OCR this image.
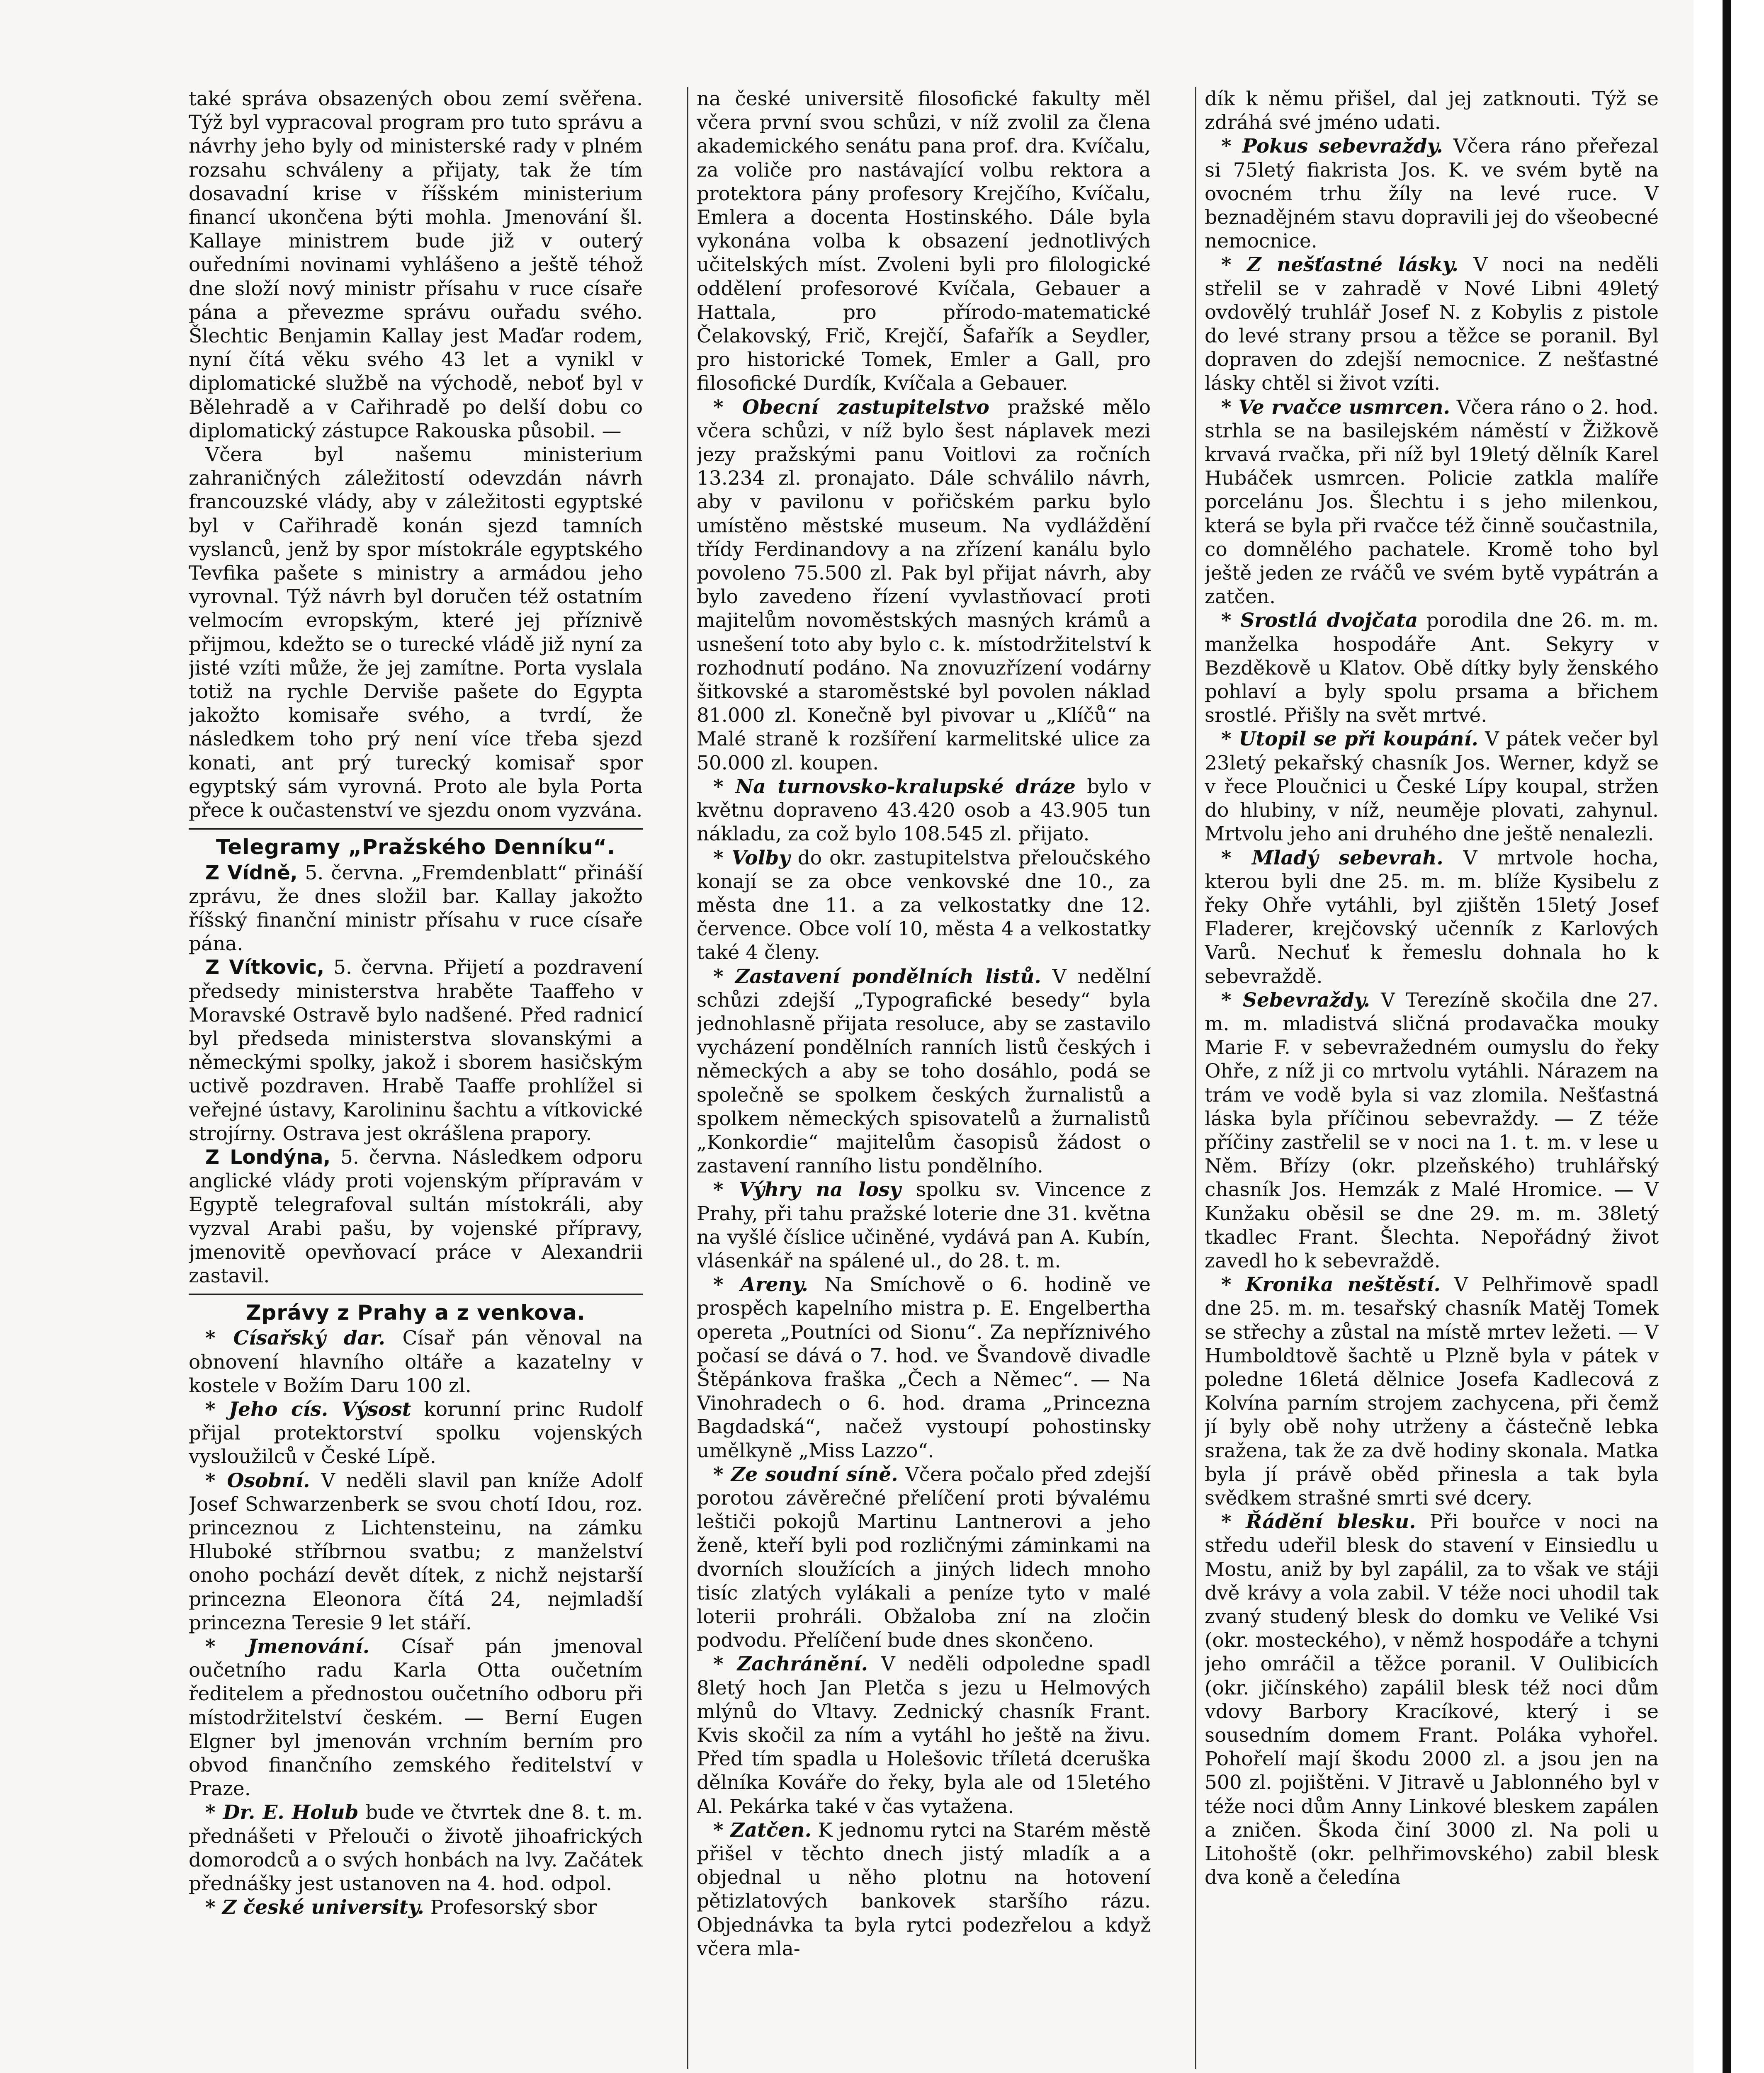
také správa obsazených obou zemí svěřena. Týž byl vypracoval program pro tuto správu a návrhy jeho byly od ministerské rady v plném rozsahu schváleny a přijaty, tak že tím dosavadní krise v říšském ministerium financí ukončena býti mohla. Jmenování šl. Kallaye ministrem bude již v outerý ouředními novinami vyhlášeno a ještě téhož dne složí nový ministr přísahu v ruce císaře pána a převezme správu ouřadu svého. Šlechtic Benjamin Kallay jest Maďar rodem, nyní čítá věku svého 43 let a vynikl v diplomatické službě na východě, neboť byl v Bělehradě a v Cařihradě po delší dobu co diplomatický zástupce Rakouska působil. —

Včera byl našemu ministerium zahraničných záležitostí odevzdán návrh francouzské vlády, aby v záležitosti egyptské byl v Cařihradě konán sjezd tamních vyslanců, jenž by spor místokrále egyptského Tevfika pašete s ministry a armádou jeho vyrovnal. Týž návrh byl doručen též ostatním velmocím evropským, které jej příznivě přijmou, kdežto se o turecké vládě již nyní za jisté vzíti může, že jej zamítne. Porta vyslala totiž na rychle Derviše pašete do Egypta jakožto komisaře svého, a tvrdí, že následkem toho prý není více třeba sjezd konati, ant prý turecký komisař spor egyptský sám vyrovná. Proto ale byla Porta přece k oučastenství ve sjezdu onom vyzvána.

Telegramy „Pražského Denníku“.

Z Vídně, 5. června. „Fremdenblatt“ přináší zprávu, že dnes složil bar. Kallay jakožto říšský finanční ministr přísahu v ruce císaře pána.

Z Vítkovic, 5. června. Přijetí a pozdravení předsedy ministerstva hraběte Taaffeho v Moravské Ostravě bylo nadšené. Před radnicí byl předseda ministerstva slovanskými a německými spolky, jakož i sborem hasičským uctivě pozdraven. Hrabě Taaffe prohlížel si veřejné ústavy, Karolininu šachtu a vítkovické strojírny. Ostrava jest okrášlena prapory.

Z Londýna, 5. června. Následkem odporu anglické vlády proti vojenským přípravám v Egyptě telegrafoval sultán místokráli, aby vyzval Arabi pašu, by vojenské přípravy, jmenovitě opevňovací práce v Alexandrii zastavil.

Zprávy z Prahy a z venkova.

* Císařský dar. Císař pán věnoval na obnovení hlavního oltáře a kazatelny v kostele v Božím Daru 100 zl.

* Jeho cís. Výsost korunní princ Rudolf přijal protektorství spolku vojenských vysloužilců v České Lípě.

* Osobní. V neděli slavil pan kníže Adolf Josef Schwarzenberk se svou chotí Idou, roz. princeznou z Lichtensteinu, na zámku Hluboké stříbrnou svatbu; z manželství onoho pochází devět dítek, z nichž nejstarší princezna Eleonora čítá 24, nejmladší princezna Teresie 9 let stáří.

* Jmenování. Císař pán jmenoval oučetního radu Karla Otta oučetním ředitelem a přednostou oučetního odboru při místodržitelství českém. — Berní Eugen Elgner byl jmenován vrchním berním pro obvod finančního zemského ředitelství v Praze.

* Dr. E. Holub bude ve čtvrtek dne 8. t. m. přednášeti v Přelouči o životě jihoafrických domorodců a o svých honbách na lvy. Začátek přednášky jest ustanoven na 4. hod. odpol.

* Z české university. Profesorský sbor

na české universitě filosofické fakulty měl včera první svou schůzi, v níž zvolil za člena akademického senátu pana prof. dra. Kvíčalu, za voliče pro nastávající volbu rektora a protektora pány profesory Krejčího, Kvíčalu, Emlera a docenta Hostinského. Dále byla vykonána volba k obsazení jednotlivých učitelských míst. Zvoleni byli pro filologické oddělení profesorové Kvíčala, Gebauer a Hattala, pro přírodo-matematické Čelakovský, Frič, Krejčí, Šafařík a Seydler, pro historické Tomek, Emler a Gall, pro filosofické Durdík, Kvíčala a Gebauer.

* Obecní zastupitelstvo pražské mělo včera schůzi, v níž bylo šest náplavek mezi jezy pražskými panu Voitlovi za ročních 13.234 zl. pronajato. Dále schválilo návrh, aby v pavilonu v pořičském parku bylo umístěno městské museum. Na vydláždění třídy Ferdinandovy a na zřízení kanálu bylo povoleno 75.500 zl. Pak byl přijat návrh, aby bylo zavedeno řízení vyvlastňovací proti majitelům novoměstských masných krámů a usnešení toto aby bylo c. k. místodržitelství k rozhodnutí podáno. Na znovuzřízení vodárny šitkovské a staroměstské byl povolen náklad 81.000 zl. Konečně byl pivovar u „Klíčů“ na Malé straně k rozšíření karmelitské ulice za 50.000 zl. koupen.

* Na turnovsko-kralupské dráze bylo v květnu dopraveno 43.420 osob a 43.905 tun nákladu, za což bylo 108.545 zl. přijato.

* Volby do okr. zastupitelstva přeloučského konají se za obce venkovské dne 10., za města dne 11. a za velkostatky dne 12. července. Obce volí 10, města 4 a velkostatky také 4 členy.

* Zastavení pondělních listů. V nedělní schůzi zdejší „Typografické besedy“ byla jednohlasně přijata resoluce, aby se zastavilo vycházení pondělních ranních listů českých i německých a aby se toho dosáhlo, podá se společně se spolkem českých žurnalistů a spolkem německých spisovatelů a žurnalistů „Konkordie“ majitelům časopisů žádost o zastavení ranního listu pondělního.

* Výhry na losy spolku sv. Vincence z Prahy, při tahu pražské loterie dne 31. května na vyšlé číslice učiněné, vydává pan A. Kubín, vlásenkář na spálené ul., do 28. t. m.

* Areny. Na Smíchově o 6. hodině ve prospěch kapelního mistra p. E. Engelbertha opereta „Poutníci od Sionu“. Za nepříznivého počasí se dává o 7. hod. ve Švandově divadle Štěpánkova fraška „Čech a Němec“. — Na Vinohradech o 6. hod. drama „Princezna Bagdadská“, načež vystoupí pohostinsky umělkyně „Miss Lazzo“.

* Ze soudní síně. Včera počalo před zdejší porotou závěrečné přelíčení proti bývalému leštiči pokojů Martinu Lantnerovi a jeho ženě, kteří byli pod rozličnými záminkami na dvorních sloužících a jiných lidech mnoho tisíc zlatých vylákali a peníze tyto v malé loterii prohráli. Obžaloba zní na zločin podvodu. Přelíčení bude dnes skončeno.

* Zachránění. V neděli odpoledne spadl 8letý hoch Jan Pletča s jezu u Helmových mlýnů do Vltavy. Zednický chasník Frant. Kvis skočil za ním a vytáhl ho ještě na živu. Před tím spadla u Holešovic tříletá dceruška dělníka Kováře do řeky, byla ale od 15letého Al. Pekárka také v čas vytažena.

* Zatčen. K jednomu rytci na Starém městě přišel v těchto dnech jistý mladík a a objednal u něho plotnu na hotovení pětizlatových bankovek staršího rázu. Objednávka ta byla rytci podezřelou a když včera mla-

dík k němu přišel, dal jej zatknouti. Týž se zdráhá své jméno udati.

* Pokus sebevraždy. Včera ráno přeřezal si 75letý fiakrista Jos. K. ve svém bytě na ovocném trhu žíly na levé ruce. V beznadějném stavu dopravili jej do všeobecné nemocnice.

* Z nešťastné lásky. V noci na neděli střelil se v zahradě v Nové Libni 49letý ovdovělý truhlář Josef N. z Kobylis z pistole do levé strany prsou a těžce se poranil. Byl dopraven do zdejší nemocnice. Z nešťastné lásky chtěl si život vzíti.

* Ve rvačce usmrcen. Včera ráno o 2. hod. strhla se na basilejském náměstí v Žižkově krvavá rvačka, při níž byl 19letý dělník Karel Hubáček usmrcen. Policie zatkla malíře porcelánu Jos. Šlechtu i s jeho milenkou, která se byla při rvačce též činně součastnila, co domnělého pachatele. Kromě toho byl ještě jeden ze rváčů ve svém bytě vypátrán a zatčen.

* Srostlá dvojčata porodila dne 26. m. m. manželka hospodáře Ant. Sekyry v Bezděkově u Klatov. Obě dítky byly ženského pohlaví a byly spolu prsama a břichem srostlé. Přišly na svět mrtvé.

* Utopil se při koupání. V pátek večer byl 23letý pekařský chasník Jos. Werner, když se v řece Ploučnici u České Lípy koupal, stržen do hlubiny, v níž, neuměje plovati, zahynul. Mrtvolu jeho ani druhého dne ještě nenalezli.

* Mladý sebevrah. V mrtvole hocha, kterou byli dne 25. m. m. blíže Kysibelu z řeky Ohře vytáhli, byl zjištěn 15letý Josef Fladerer, krejčovský učenník z Karlových Varů. Nechuť k řemeslu dohnala ho k sebevraždě.

* Sebevraždy. V Terezíně skočila dne 27. m. m. mladistvá sličná prodavačka mouky Marie F. v sebevražedném oumyslu do řeky Ohře, z níž ji co mrtvolu vytáhli. Nárazem na trám ve vodě byla si vaz zlomila. Nešťastná láska byla příčinou sebevraždy. — Z téže příčiny zastřelil se v noci na 1. t. m. v lese u Něm. Břízy (okr. plzeňského) truhlářský chasník Jos. Hemzák z Malé Hromice. — V Kunžaku oběsil se dne 29. m. m. 38letý tkadlec Frant. Šlechta. Nepořádný život zavedl ho k sebevraždě.

* Kronika neštěstí. V Pelhřimově spadl dne 25. m. m. tesařský chasník Matěj Tomek se střechy a zůstal na místě mrtev ležeti. — V Humboldtově šachtě u Plzně byla v pátek v poledne 16letá dělnice Josefa Kadlecová z Kolvína parním strojem zachycena, při čemž jí byly obě nohy utrženy a částečně lebka sražena, tak že za dvě hodiny skonala. Matka byla jí právě oběd přinesla a tak byla svědkem strašné smrti své dcery.

* Řádění blesku. Při bouřce v noci na středu udeřil blesk do stavení v Einsiedlu u Mostu, aniž by byl zapálil, za to však ve stáji dvě krávy a vola zabil. V téže noci uhodil tak zvaný studený blesk do domku ve Veliké Vsi (okr. mosteckého), v němž hospodáře a tchyni jeho omráčil a těžce poranil. V Oulibicích (okr. jičínského) zapálil blesk též noci dům vdovy Barbory Kracíkové, který i se sousedním domem Frant. Poláka vyhořel. Pohořelí mají škodu 2000 zl. a jsou jen na 500 zl. pojištěni. V Jitravě u Jablonného byl v téže noci dům Anny Linkové bleskem zapálen a zničen. Škoda činí 3000 zl. Na poli u Litohoště (okr. pelhřimovského) zabil blesk dva koně a čeledína
